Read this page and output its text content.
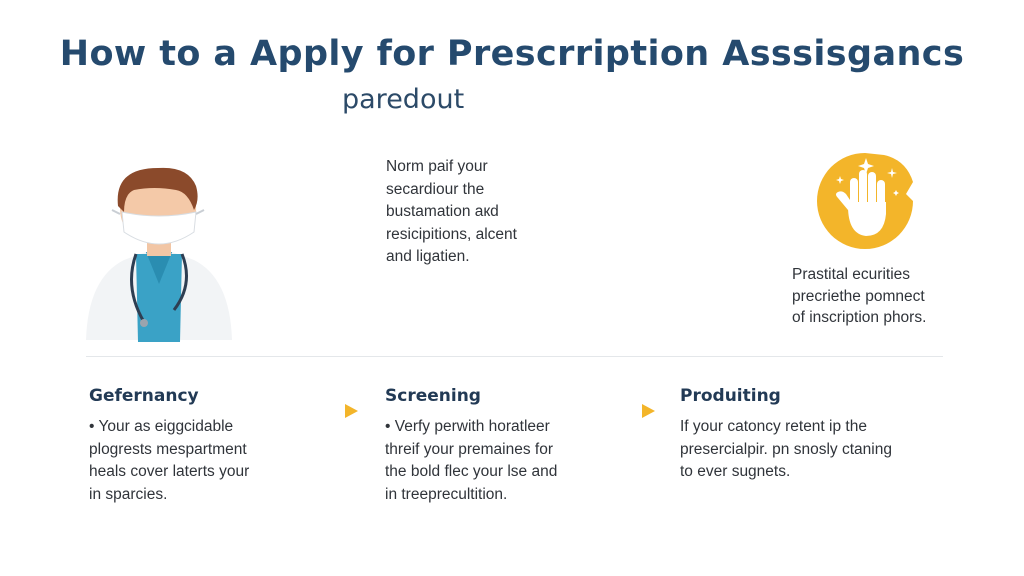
How to a Apply for Prescrription Asssisgancs
paredout
Norm paif your
secardiour the
bustamation aкd
resicipitions, alcent
and ligatien.
Prastital ecurities
precriethe pomnect
of inscription phors.
Gefernancy
• Your as eiggcidable
plogrests mespartment
heals cover laterts your
in sparcies.
Screening
• Verfy perwith horatleer
threif your premaines for
the bold flec your lse and
in treeprecultition.
Produiting
If your catoncy retent ip the
presercialpir. pn snosly ctaning
to ever sugnets.
